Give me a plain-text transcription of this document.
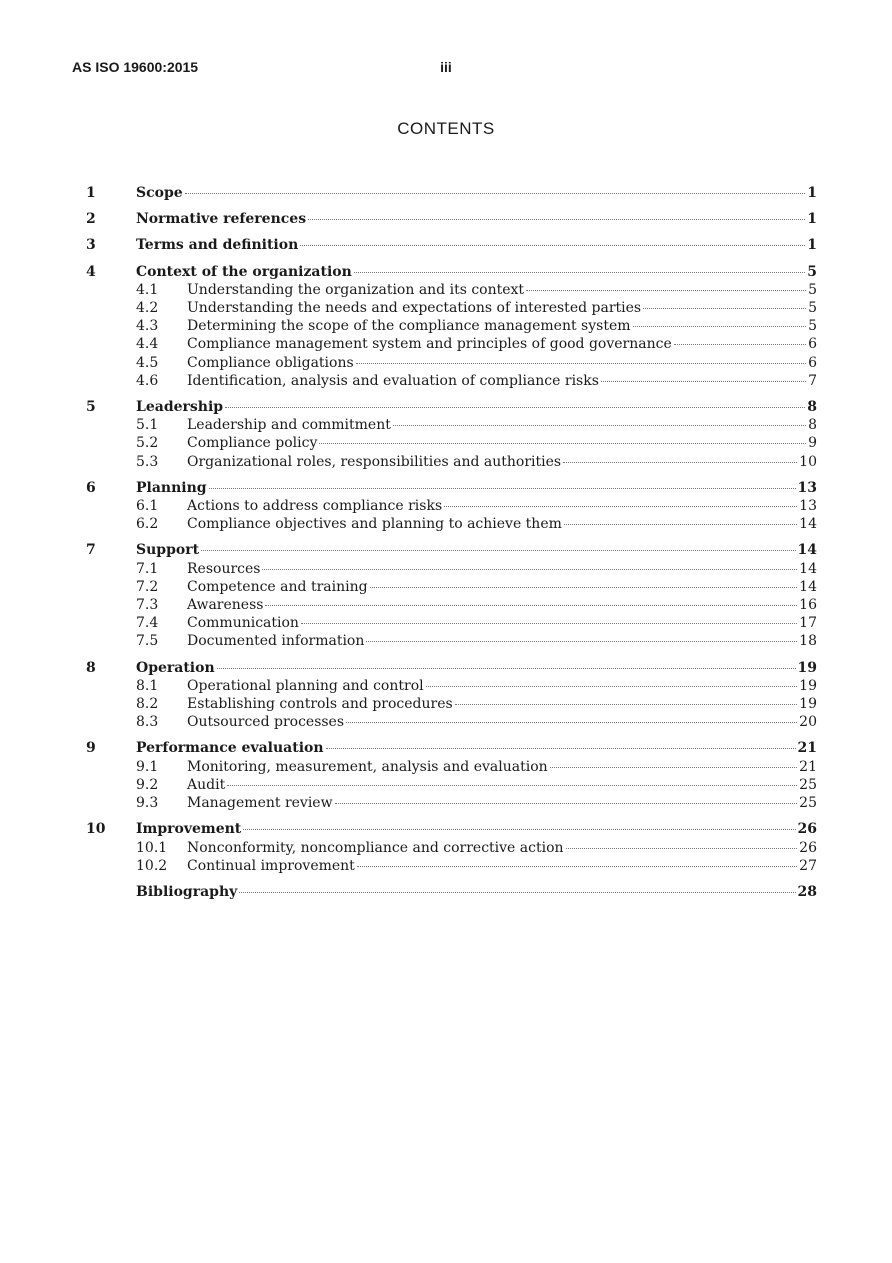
AS ISO 19600:2015	iii
CONTENTS
1	Scope	1
2	Normative references	1
3	Terms and definition	1
4	Context of the organization	5
4.1	Understanding the organization and its context	5
4.2	Understanding the needs and expectations of interested parties	5
4.3	Determining the scope of the compliance management system	5
4.4	Compliance management system and principles of good governance	6
4.5	Compliance obligations	6
4.6	Identification, analysis and evaluation of compliance risks	7
5	Leadership	8
5.1	Leadership and commitment	8
5.2	Compliance policy	9
5.3	Organizational roles, responsibilities and authorities	10
6	Planning	13
6.1	Actions to address compliance risks	13
6.2	Compliance objectives and planning to achieve them	14
7	Support	14
7.1	Resources	14
7.2	Competence and training	14
7.3	Awareness	16
7.4	Communication	17
7.5	Documented information	18
8	Operation	19
8.1	Operational planning and control	19
8.2	Establishing controls and procedures	19
8.3	Outsourced processes	20
9	Performance evaluation	21
9.1	Monitoring, measurement, analysis and evaluation	21
9.2	Audit	25
9.3	Management review	25
10	Improvement	26
10.1	Nonconformity, noncompliance and corrective action	26
10.2	Continual improvement	27
Bibliography	28
